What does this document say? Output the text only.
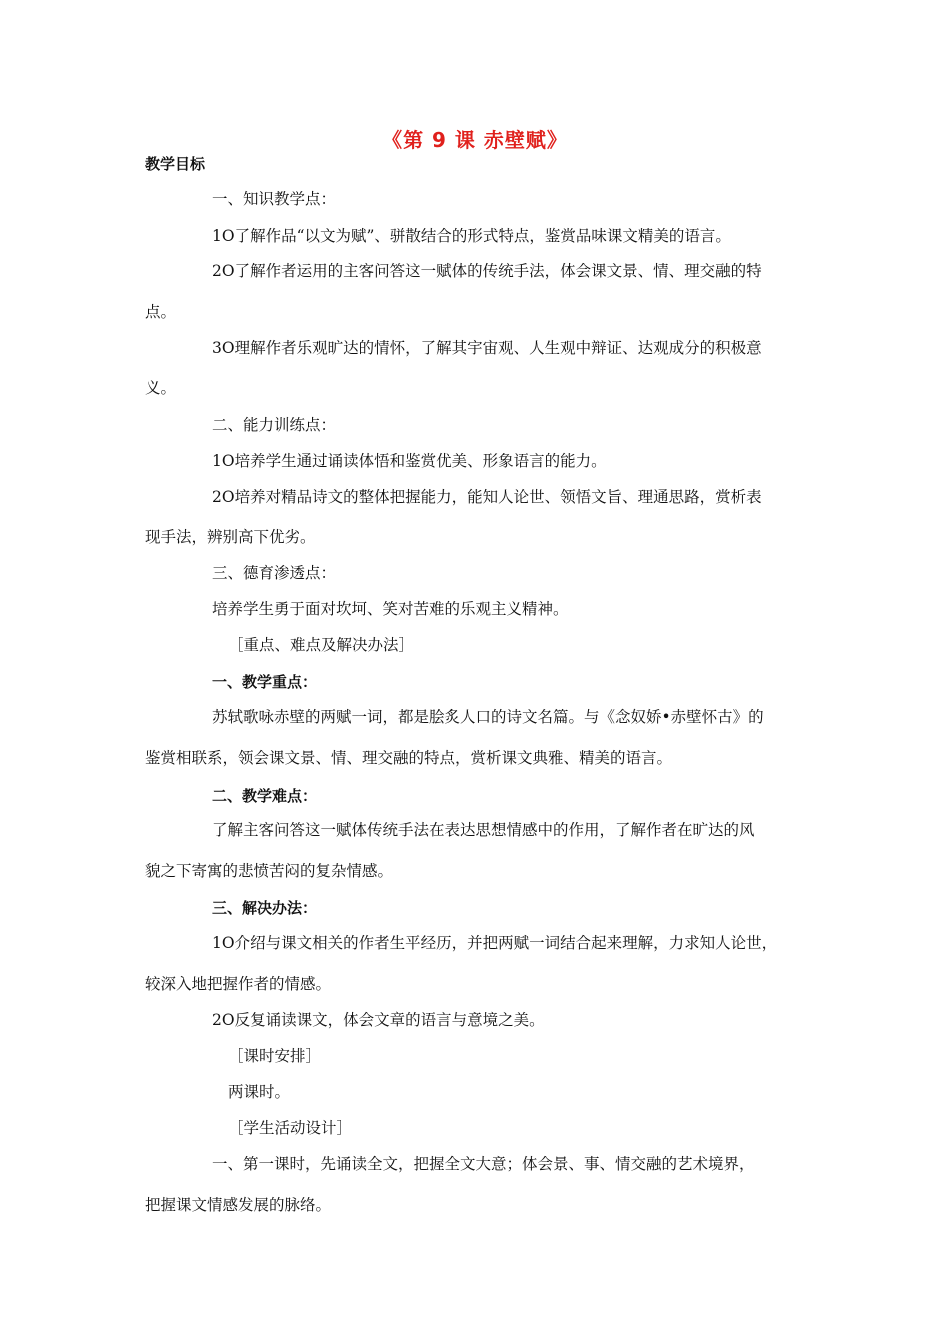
《第 9 课 赤壁赋》
教学目标
一、知识教学点：
1O了解作品“以文为赋”、骈散结合的形式特点，鉴赏品味课文精美的语言。
2O了解作者运用的主客问答这一赋体的传统手法，体会课文景、情、理交融的特
点。
3O理解作者乐观旷达的情怀，了解其宇宙观、人生观中辩证、达观成分的积极意
义。
二、能力训练点：
1O培养学生通过诵读体悟和鉴赏优美、形象语言的能力。
2O培养对精品诗文的整体把握能力，能知人论世、领悟文旨、理通思路，赏析表
现手法，辨别高下优劣。
三、德育渗透点：
培养学生勇于面对坎坷、笑对苦难的乐观主义精神。
［重点、难点及解决办法］
一、教学重点：
苏轼歌咏赤壁的两赋一词，都是脍炙人口的诗文名篇。与《念奴娇•赤壁怀古》的
鉴赏相联系，领会课文景、情、理交融的特点，赏析课文典雅、精美的语言。
二、教学难点：
了解主客问答这一赋体传统手法在表达思想情感中的作用，了解作者在旷达的风
貌之下寄寓的悲愤苦闷的复杂情感。
三、解决办法：
1O介绍与课文相关的作者生平经历，并把两赋一词结合起来理解，力求知人论世，
较深入地把握作者的情感。
2O反复诵读课文，体会文章的语言与意境之美。
［课时安排］
两课时。
［学生活动设计］
一、第一课时，先诵读全文，把握全文大意；体会景、事、情交融的艺术境界，
把握课文情感发展的脉络。
